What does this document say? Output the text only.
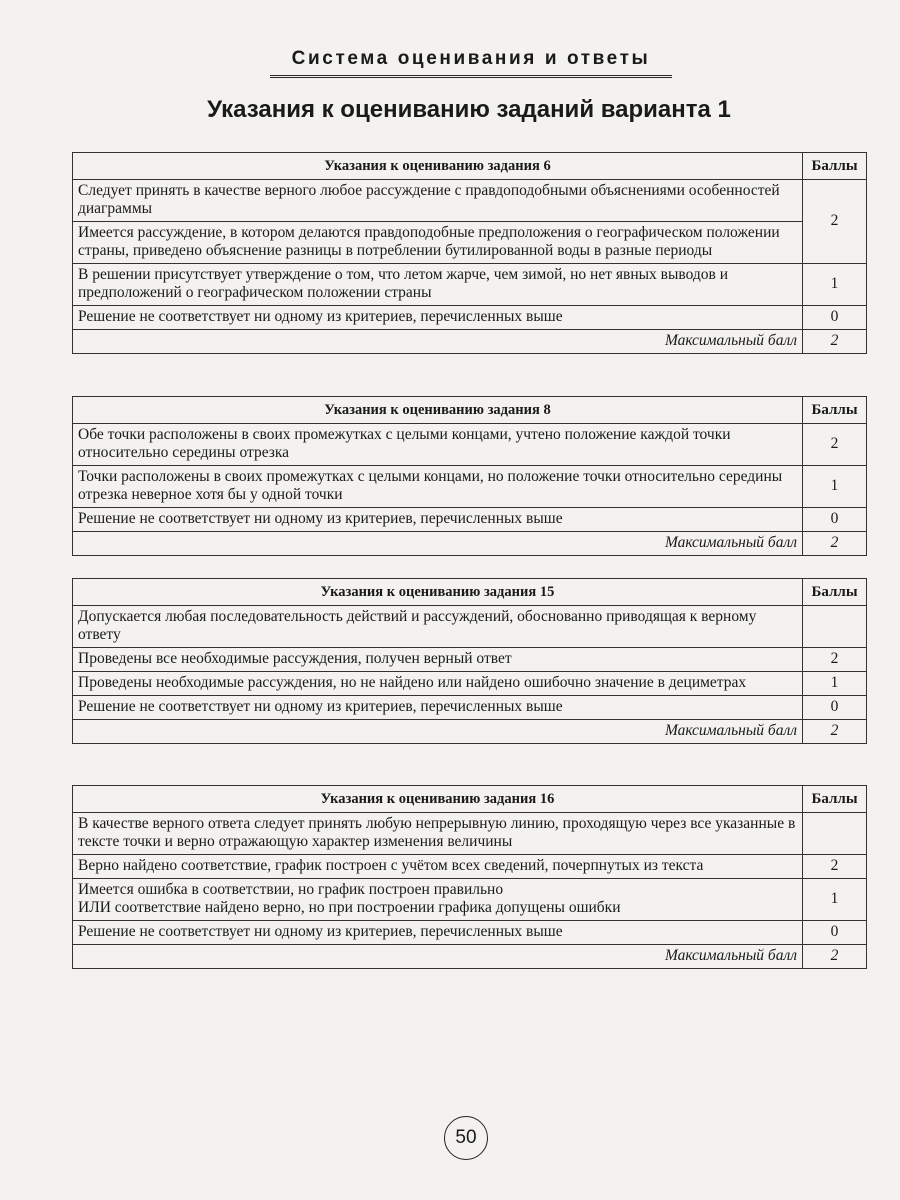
Система оценивания и ответы
Указания к оцениванию заданий варианта 1
Указания к оцениванию задания 6	Баллы
Следует принять в качестве верного любое рассуждение с правдоподобными объяснениями особенностей диаграммы	2
Имеется рассуждение, в котором делаются правдоподобные предположения о географическом положении страны, приведено объяснение разницы в потреблении бутилированной воды в разные периоды	
В решении присутствует утверждение о том, что летом жарче, чем зимой, но нет явных выводов и предположений о географическом положении страны	1
Решение не соответствует ни одному из критериев, перечисленных выше	0
Максимальный балл	2
Указания к оцениванию задания 8	Баллы
Обе точки расположены в своих промежутках с целыми концами, учтено положение каждой точки относительно середины отрезка	2
Точки расположены в своих промежутках с целыми концами, но положение точки относительно середины отрезка неверное хотя бы у одной точки	1
Решение не соответствует ни одному из критериев, перечисленных выше	0
Максимальный балл	2
Указания к оцениванию задания 15	Баллы
Допускается любая последовательность действий и рассуждений, обоснованно приводящая к верному ответу	
Проведены все необходимые рассуждения, получен верный ответ	2
Проведены необходимые рассуждения, но не найдено или найдено ошибочно значение в дециметрах	1
Решение не соответствует ни одному из критериев, перечисленных выше	0
Максимальный балл	2
Указания к оцениванию задания 16	Баллы
В качестве верного ответа следует принять любую непрерывную линию, проходящую через все указанные в тексте точки и верно отражающую характер изменения величины	
Верно найдено соответствие, график построен с учётом всех сведений, почерпнутых из текста	2
Имеется ошибка в соответствии, но график построен правильно
ИЛИ соответствие найдено верно, но при построении графика допущены ошибки	1
Решение не соответствует ни одному из критериев, перечисленных выше	0
Максимальный балл	2
50
